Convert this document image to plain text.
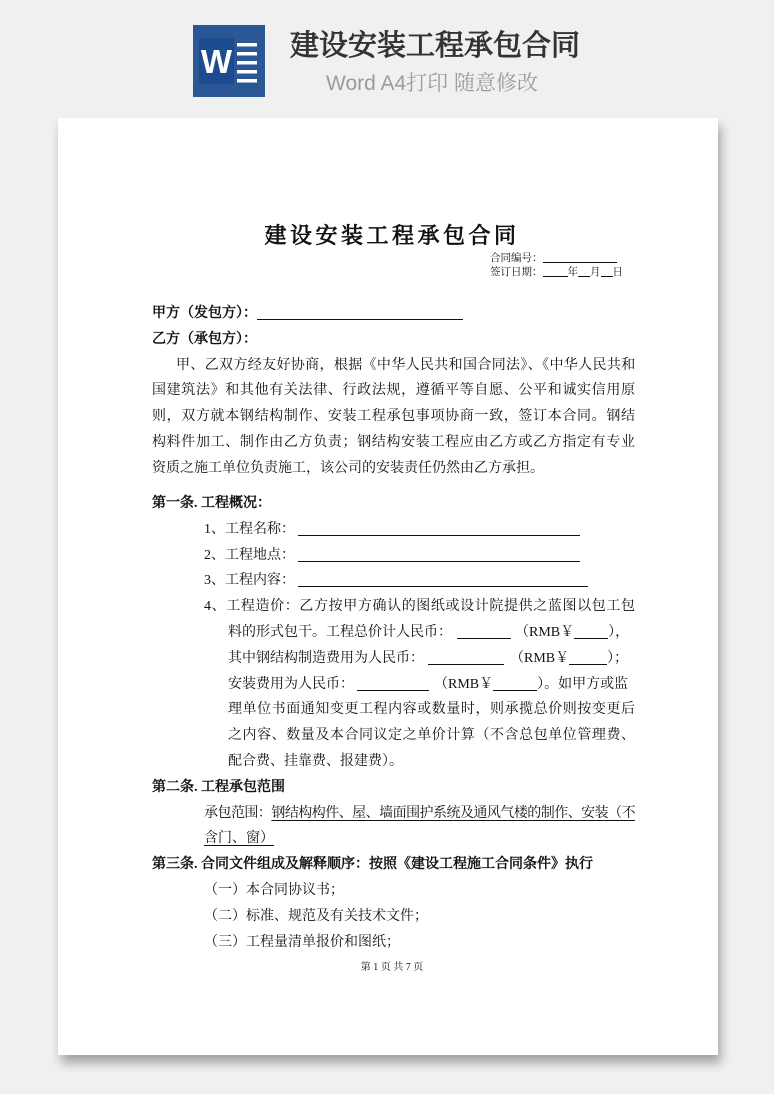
W 建设安装工程承包合同
Word A4打印 随意修改
建设安装工程承包合同
合同编号：
签订日期： 年 月 日
甲方（发包方）：
乙方（承包方）：
甲、乙双方经友好协商，根据《中华人民共和国合同法》、《中华人民共和
国建筑法》和其他有关法律、行政法规，遵循平等自愿、公平和诚实信用原
则，双方就本钢结构制作、安装工程承包事项协商一致，签订本合同。钢结
构料件加工、制作由乙方负责；钢结构安装工程应由乙方或乙方指定有专业
资质之施工单位负责施工，该公司的安装责任仍然由乙方承担。
第一条. 工程概况：
1、工程名称：
2、工程地点：
3、工程内容：
4、工程造价：乙方按甲方确认的图纸或设计院提供之蓝图以包工包
料的形式包干。工程总价计人民币：	（RMB￥ ），
其中钢结构制造费用为人民币：	（RMB￥	）；
安装费用为人民币：	（RMB￥	）。如甲方或监
理单位书面通知变更工程内容或数量时，则承揽总价则按变更后
之内容、数量及本合同议定之单价计算（不含总包单位管理费、
配合费、挂靠费、报建费）。
第二条. 工程承包范围
承包范围：钢结构构件、屋、墙面围护系统及通风气楼的制作、安装（不
含门、窗）
第三条. 合同文件组成及解释顺序：按照《建设工程施工合同条件》执行
（一）本合同协议书；
（二）标准、规范及有关技术文件；
（三）工程量清单报价和图纸；
第 1 页 共 7 页
